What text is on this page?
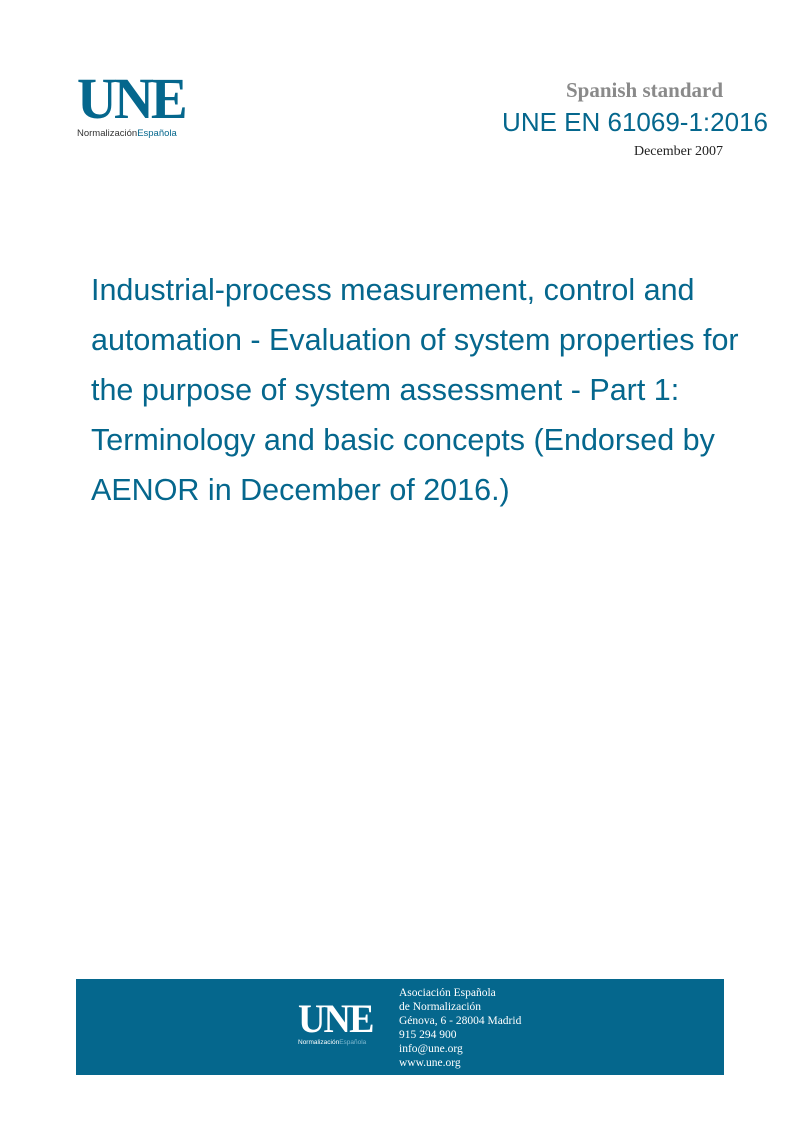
UNE
NormalizaciónEspañola
Spanish standard
UNE EN 61069-1:2016
December 2007
Industrial-process measurement, control and automation - Evaluation of system properties for the purpose of system assessment - Part 1: Terminology and basic concepts (Endorsed by AENOR in December of 2016.)
UNE
NormalizaciónEspañola
Asociación Española
de Normalización
Génova, 6 - 28004 Madrid
915 294 900
info@une.org
www.une.org
